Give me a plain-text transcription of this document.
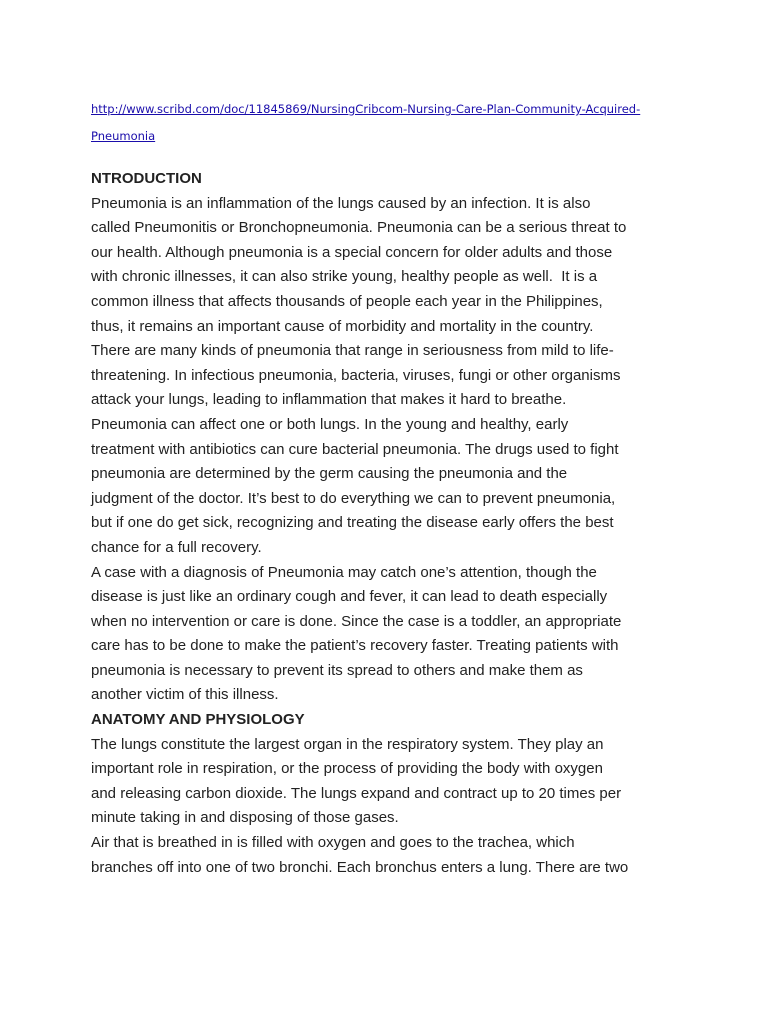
http://www.scribd.com/doc/11845869/NursingCribcom-Nursing-Care-Plan-Community-Acquired-
Pneumonia
NTRODUCTION
Pneumonia is an inflammation of the lungs caused by an infection. It is also
called Pneumonitis or Bronchopneumonia. Pneumonia can be a serious threat to
our health. Although pneumonia is a special concern for older adults and those
with chronic illnesses, it can also strike young, healthy people as well.  It is a
common illness that affects thousands of people each year in the Philippines,
thus, it remains an important cause of morbidity and mortality in the country.
There are many kinds of pneumonia that range in seriousness from mild to life-
threatening. In infectious pneumonia, bacteria, viruses, fungi or other organisms
attack your lungs, leading to inflammation that makes it hard to breathe.
Pneumonia can affect one or both lungs. In the young and healthy, early
treatment with antibiotics can cure bacterial pneumonia. The drugs used to fight
pneumonia are determined by the germ causing the pneumonia and the
judgment of the doctor. It’s best to do everything we can to prevent pneumonia,
but if one do get sick, recognizing and treating the disease early offers the best
chance for a full recovery.
A case with a diagnosis of Pneumonia may catch one’s attention, though the
disease is just like an ordinary cough and fever, it can lead to death especially
when no intervention or care is done. Since the case is a toddler, an appropriate
care has to be done to make the patient’s recovery faster. Treating patients with
pneumonia is necessary to prevent its spread to others and make them as
another victim of this illness.
ANATOMY AND PHYSIOLOGY
The lungs constitute the largest organ in the respiratory system. They play an
important role in respiration, or the process of providing the body with oxygen
and releasing carbon dioxide. The lungs expand and contract up to 20 times per
minute taking in and disposing of those gases.
Air that is breathed in is filled with oxygen and goes to the trachea, which
branches off into one of two bronchi. Each bronchus enters a lung. There are two
